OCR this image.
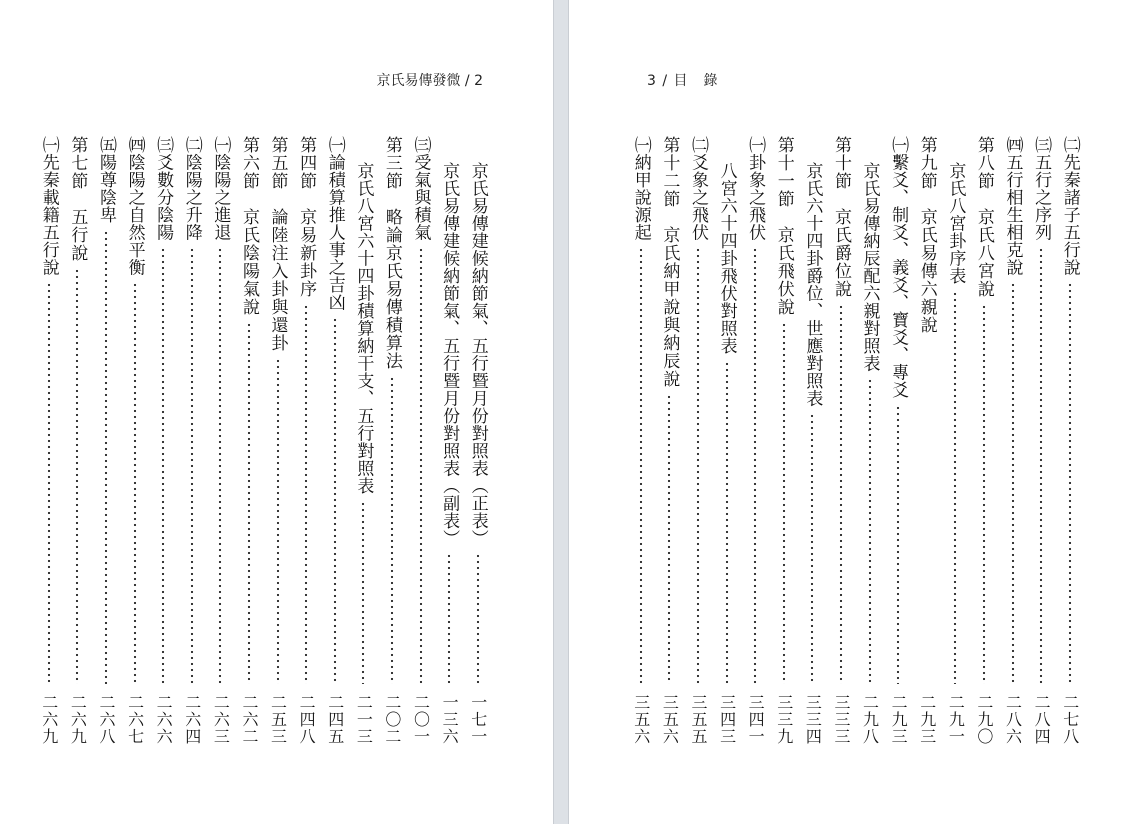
京氏易傳發微 / 2
京氏易傳建候納節氣、五行暨月份對照表（正表）
一七一
京氏易傳建候納節氣、五行暨月份對照表（副表）
一三六
㈢受氣與積氣
二〇一
第三節　略論京氏易傳積算法
二〇二
京氏八宮六十四卦積算納干支、五行對照表
二一三
㈠論積算推人事之吉凶
二四五
第四節　京易新卦序
二四八
第五節　論陸注入卦與還卦
二五三
第六節　京氏陰陽氣說
二六二
㈠陰陽之進退
二六三
㈡陰陽之升降
二六四
㈢爻數分陰陽
二六六
㈣陰陽之自然平衡
二六七
㈤陽尊陰卑
二六八
第七節　五行說
二六九
㈠先秦載籍五行說
二六九
3 / 目　錄
㈡先秦諸子五行說
二七八
㈢五行之序列
二八四
㈣五行相生相克說
二八六
第八節　京氏八宮說
二九〇
京氏八宮卦序表
二九一
第九節　京氏易傳六親說
二九三
㈠繫爻、制爻、義爻、寶爻、專爻
二九三
京氏易傳納辰配六親對照表
二九八
第十節　京氏爵位說
三三三
京氏六十四卦爵位、世應對照表
三三四
第十一節　京氏飛伏說
三三九
㈠卦象之飛伏
三四一
八宮六十四卦飛伏對照表
三四三
㈡爻象之飛伏
三五五
第十二節　京氏納甲說與納辰說
三五六
㈠納甲說源起
三五六
